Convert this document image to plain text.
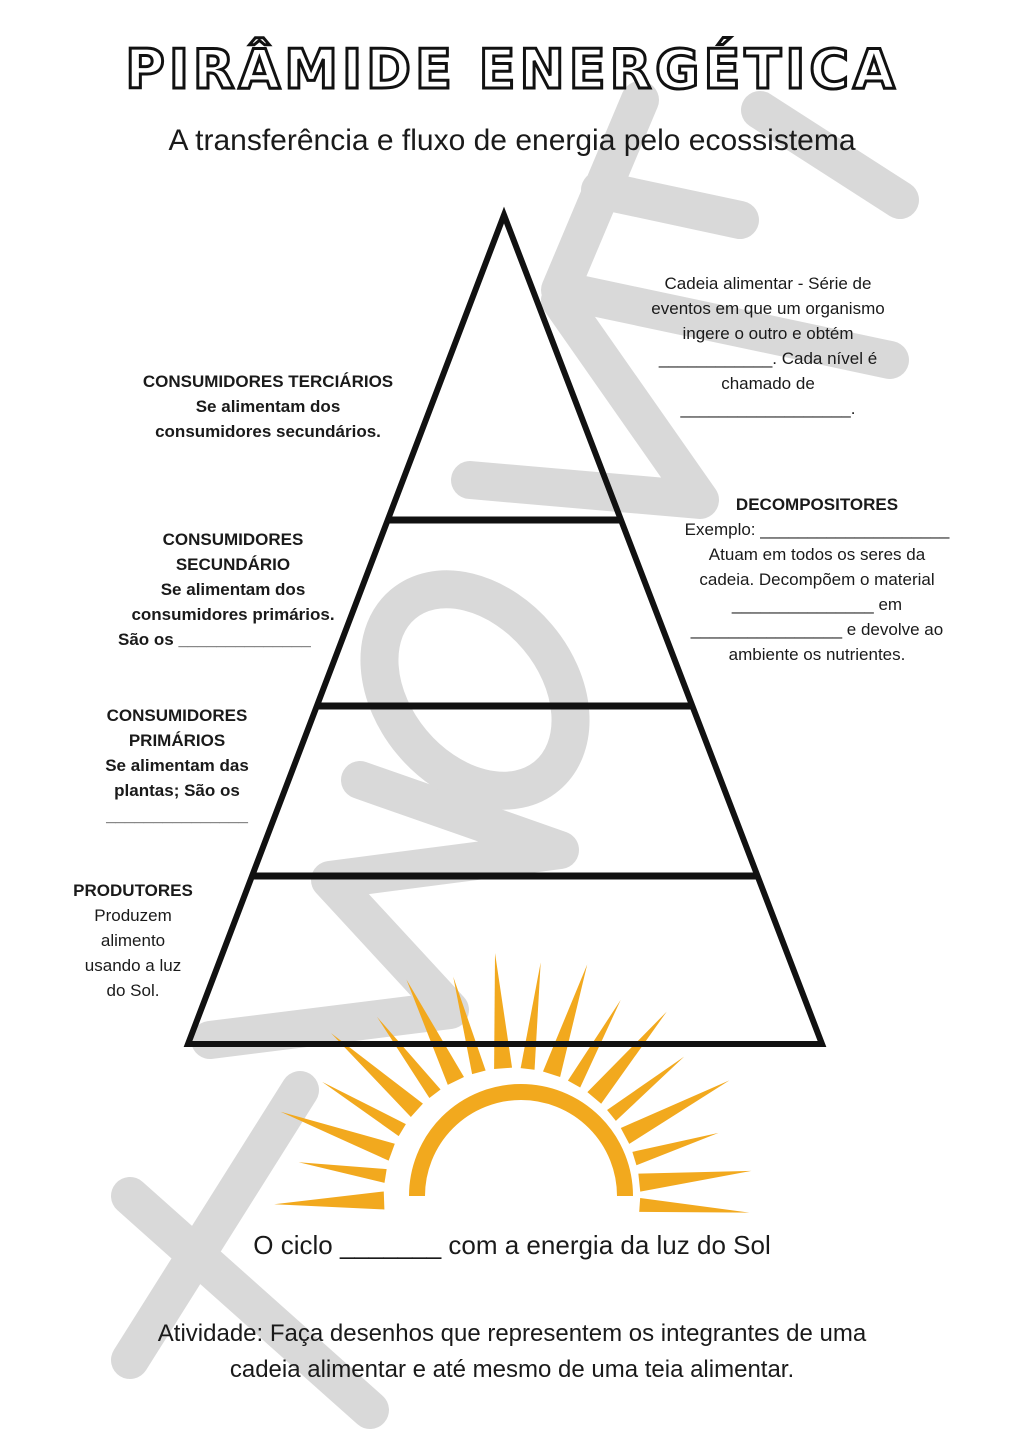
PIRÂMIDE ENERGÉTICA
A transferência e fluxo de energia pelo ecossistema
CONSUMIDORES TERCIÁRIOS
Se alimentam dos
consumidores secundários.
CONSUMIDORES
SECUNDÁRIO
Se alimentam dos
consumidores primários.
São os ______________
CONSUMIDORES
PRIMÁRIOS
Se alimentam das
plantas; São os
_______________
PRODUTORES
Produzem
alimento
usando a luz
do Sol.
Cadeia alimentar - Série de
eventos em que um organismo
ingere o outro e obtém
____________. Cada nível é
chamado de
__________________.
DECOMPOSITORES
Exemplo: ____________________
Atuam em todos os seres da
cadeia. Decompõem o material
_______________ em
________________ e devolve ao
ambiente os nutrientes.
O ciclo _______ com a energia da luz do Sol
Atividade: Faça desenhos que representem os integrantes de uma
cadeia alimentar e até mesmo de uma teia alimentar.
